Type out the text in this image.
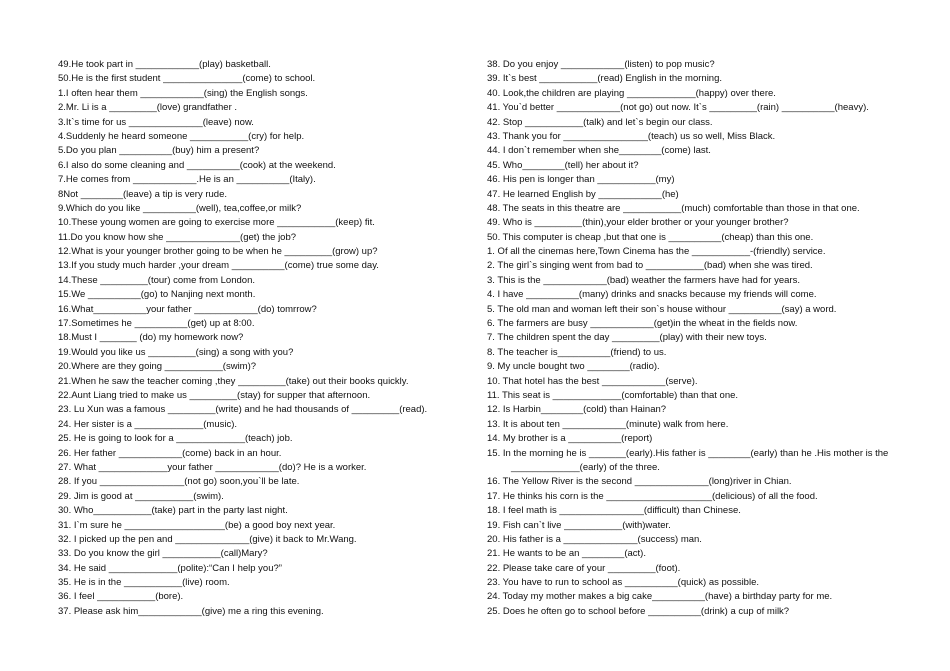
49.He took part in ____________(play) basketball.
50.He is the first student _______________(come) to school.
1.I often hear them ____________(sing) the English songs.
2.Mr. Li is a _________(love) grandfather .
3.It`s time for us ______________(leave) now.
4.Suddenly he heard someone ___________(cry) for help.
5.Do you plan __________(buy) him a present?
6.I also do some cleaning and __________(cook) at the weekend.
7.He comes from ____________.He is an __________(Italy).
8Not ________(leave) a tip is very rude.
9.Which do you like __________(well), tea,coffee,or milk?
10.These young women are going to exercise more ___________(keep) fit.
11.Do you know how she ______________(get) the job?
12.What is your younger brother going to be when he _________(grow) up?
13.If you study much harder ,your dream __________(come) true some day.
14.These _________(tour) come from London.
15.We __________(go) to Nanjing next month.
16.What__________your father ____________(do) tomrrow?
17.Sometimes he __________(get) up at 8:00.
18.Must I _______ (do) my homework now?
19.Would you like us _________(sing) a song with you?
20.Where are they going ___________(swim)?
21.When he saw the teacher coming ,they _________(take) out their books quickly.
22.Aunt Liang tried to make us _________(stay) for supper that afternoon.
23. Lu Xun was a famous _________(write) and he had thousands of _________(read).
24. Her sister is a _____________(music).
25. He is going to look for a _____________(teach) job.
26. Her father ____________(come) back in an hour.
27. What _____________your father ____________(do)? He is a worker.
28. If you ________________(not go) soon,you`ll be late.
29. Jim is good at ___________(swim).
30. Who___________(take) part in the party last night.
31. I`m sure he ___________________(be) a good boy next year.
32. I picked up the pen and ______________(give) it back to Mr.Wang.
33. Do you know the girl ___________(call)Mary?
34. He said _____________(polite):“Can I help you?”
35. He is in the ___________(live) room.
36. I feel ___________(bore).
37. Please ask him____________(give) me a ring this evening.
38. Do you enjoy ____________(listen) to pop music?
39. It`s best ___________(read) English in the morning.
40. Look,the children are playing _____________(happy) over there.
41. You`d better ____________(not go) out now. It`s _________(rain) __________(heavy).
42. Stop ___________(talk) and let`s begin our class.
43. Thank you for ________________(teach) us so well, Miss Black.
44. I don`t remember when she________(come) last.
45. Who________(tell) her about it?
46. His pen is longer than ___________(my)
47. He learned English by ____________(he)
48. The seats in this theatre are ___________(much) comfortable than those in that one.
49. Who is _________(thin),your elder brother or your younger brother?
50. This computer is cheap ,but that one is __________(cheap) than this one.
1. Of all the cinemas here,Town Cinema has the ___________-(friendly) service.
2. The girl`s singing went from bad to ___________(bad) when she was tired.
3. This is the ____________(bad) weather the farmers have had for years.
4. I have __________(many) drinks and snacks because my friends will come.
5. The old man and woman left their son`s house withour __________(say) a word.
6. The farmers are busy ____________(get)in the wheat in the fields now.
7. The children spent the day _________(play) with their new toys.
8. The teacher is__________(friend) to us.
9. My uncle bought two ________(radio).
10. That hotel has the best ____________(serve).
11. This seat is _____________(comfortable) than that one.
12. Is Harbin________(cold) than Hainan?
13. It is about ten ____________(minute) walk from here.
14. My brother is a __________(report)
15. In the morning he is _______(early).His father is ________(early) than he .His mother is the
_____________(early) of the three.
16. The Yellow River is the second ______________(long)river in Chian.
17. He thinks his corn is the ____________________(delicious) of all the food.
18. I feel math is ________________(difficult) than Chinese.
19. Fish can`t live ___________(with)water.
20. His father is a ______________(success) man.
21. He wants to be an ________(act).
22. Please take care of your _________(foot).
23. You have to run to school as __________(quick) as possible.
24. Today my mother makes a big cake__________(have) a birthday party for me.
25. Does he often go to school before __________(drink) a cup of milk?
